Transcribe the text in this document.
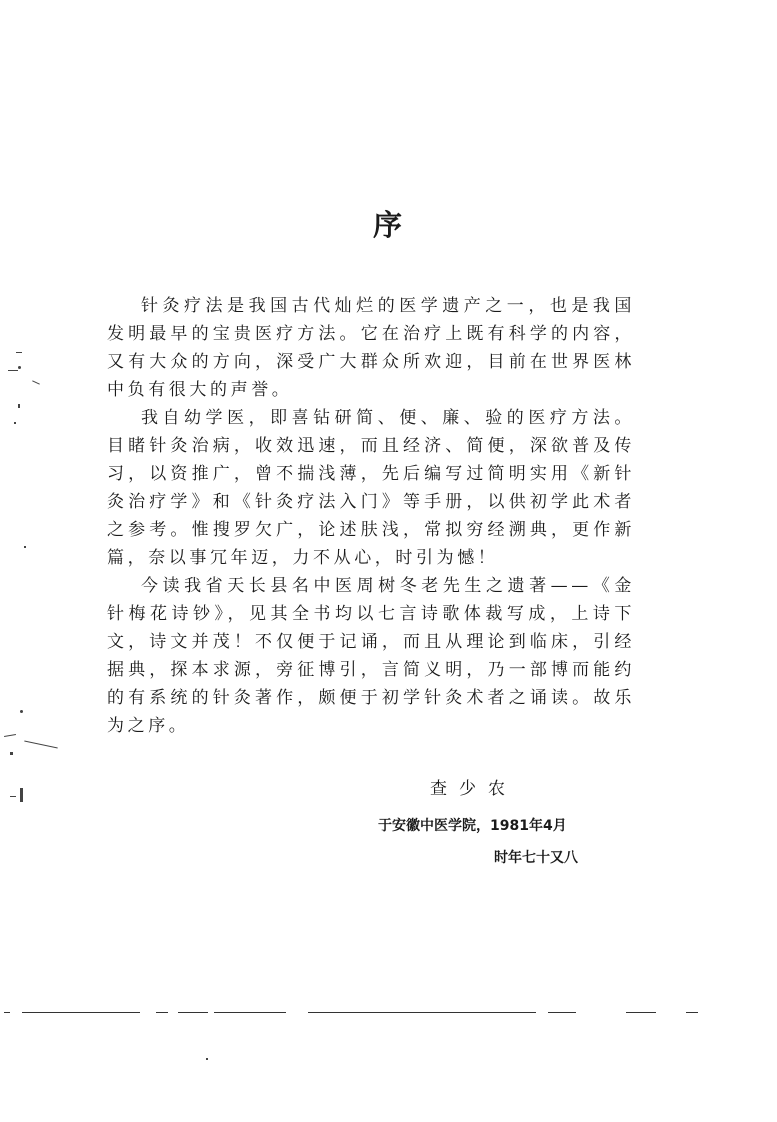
序

针灸疗法是我国古代灿烂的医学遗产之一，也是我国发明最早的宝贵医疗方法。它在治疗上既有科学的内容，又有大众的方向，深受广大群众所欢迎，目前在世界医林中负有很大的声誉。

我自幼学医，即喜钻研简、便、廉、验的医疗方法。目睹针灸治病，收效迅速，而且经济、简便，深欲普及传习，以资推广，曾不揣浅薄，先后编写过简明实用《新针灸治疗学》和《针灸疗法入门》等手册，以供初学此术者之参考。惟搜罗欠广，论述肤浅，常拟穷经溯典，更作新篇，奈以事冗年迈，力不从心，时引为憾！

今读我省天长县名中医周树冬老先生之遗著——《金针梅花诗钞》，见其全书均以七言诗歌体裁写成，上诗下文，诗文并茂！不仅便于记诵，而且从理论到临床，引经据典，探本求源，旁征博引，言简义明，乃一部博而能约的有系统的针灸著作，颇便于初学针灸术者之诵读。故乐为之序。

查少农

于安徽中医学院，1981年4月

时年七十又八
